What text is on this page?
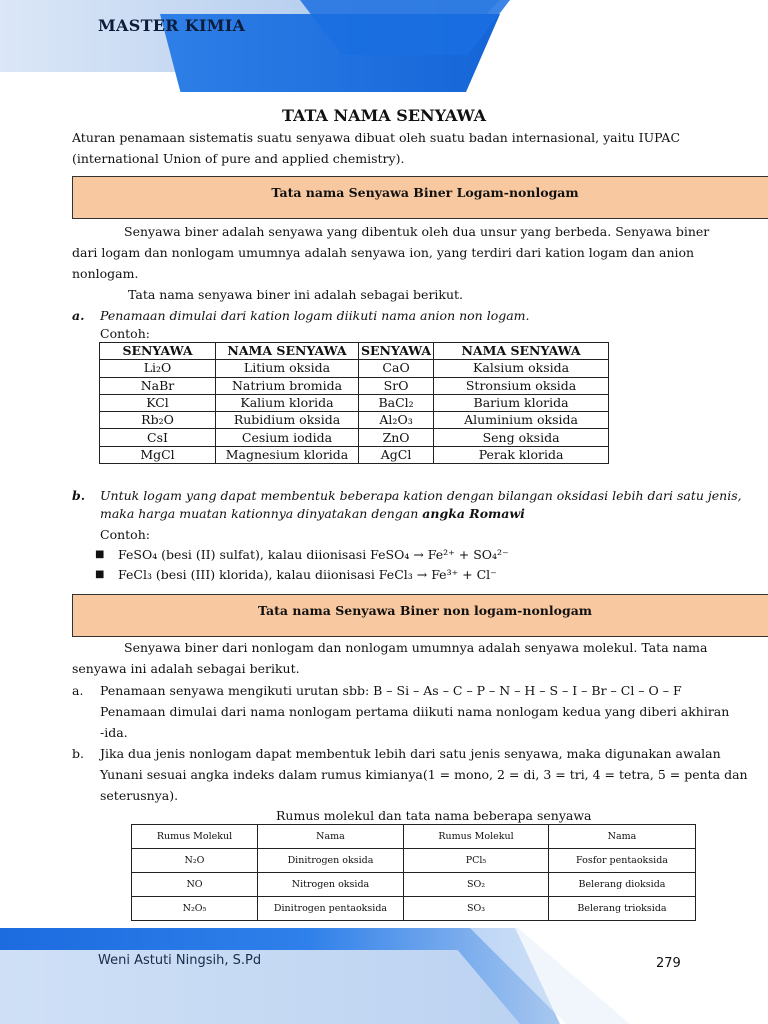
MASTER KIMIA
TATA NAMA SENYAWA
Aturan penamaan sistematis suatu senyawa dibuat oleh suatu badan internasional, yaitu IUPAC
(international Union of pure and applied chemistry).
Tata nama Senyawa Biner Logam-nonlogam
Senyawa biner adalah senyawa yang dibentuk oleh dua unsur yang berbeda. Senyawa biner
dari logam dan nonlogam umumnya adalah senyawa ion, yang terdiri dari kation logam dan anion
nonlogam.
Tata nama senyawa biner ini adalah sebagai berikut.
a. Penamaan dimulai dari kation logam diikuti nama anion non logam.
Contoh:
SENYAWA	NAMA SENYAWA	SENYAWA	NAMA SENYAWA
Li₂O	Litium oksida	CaO	Kalsium oksida
NaBr	Natrium bromida	SrO	Stronsium oksida
KCl	Kalium klorida	BaCl₂	Barium klorida
Rb₂O	Rubidium oksida	Al₂O₃	Aluminium oksida
CsI	Cesium iodida	ZnO	Seng oksida
MgCl	Magnesium klorida	AgCl	Perak klorida
b. Untuk logam yang dapat membentuk beberapa kation dengan bilangan oksidasi lebih dari satu jenis,
maka harga muatan kationnya dinyatakan dengan angka Romawi
Contoh:
■ FeSO₄ (besi (II) sulfat), kalau diionisasi FeSO₄ → Fe²⁺ + SO₄²⁻
■ FeCl₃ (besi (III) klorida), kalau diionisasi FeCl₃ → Fe³⁺ + Cl⁻
Tata nama Senyawa Biner non logam-nonlogam
Senyawa biner dari nonlogam dan nonlogam umumnya adalah senyawa molekul. Tata nama
senyawa ini adalah sebagai berikut.
a. Penamaan senyawa mengikuti urutan sbb: B – Si – As – C – P – N – H – S – I – Br – Cl – O – F
Penamaan dimulai dari nama nonlogam pertama diikuti nama nonlogam kedua yang diberi akhiran
-ida.
b. Jika dua jenis nonlogam dapat membentuk lebih dari satu jenis senyawa, maka digunakan awalan
Yunani sesuai angka indeks dalam rumus kimianya(1 = mono, 2 = di, 3 = tri, 4 = tetra, 5 = penta dan
seterusnya).
Rumus molekul dan tata nama beberapa senyawa
Rumus Molekul	Nama	Rumus Molekul	Nama
N₂O	Dinitrogen oksida	PCl₅	Fosfor pentaoksida
NO	Nitrogen oksida	SO₂	Belerang dioksida
N₂O₅	Dinitrogen pentaoksida	SO₃	Belerang trioksida
Weni Astuti Ningsih, S.Pd	279
